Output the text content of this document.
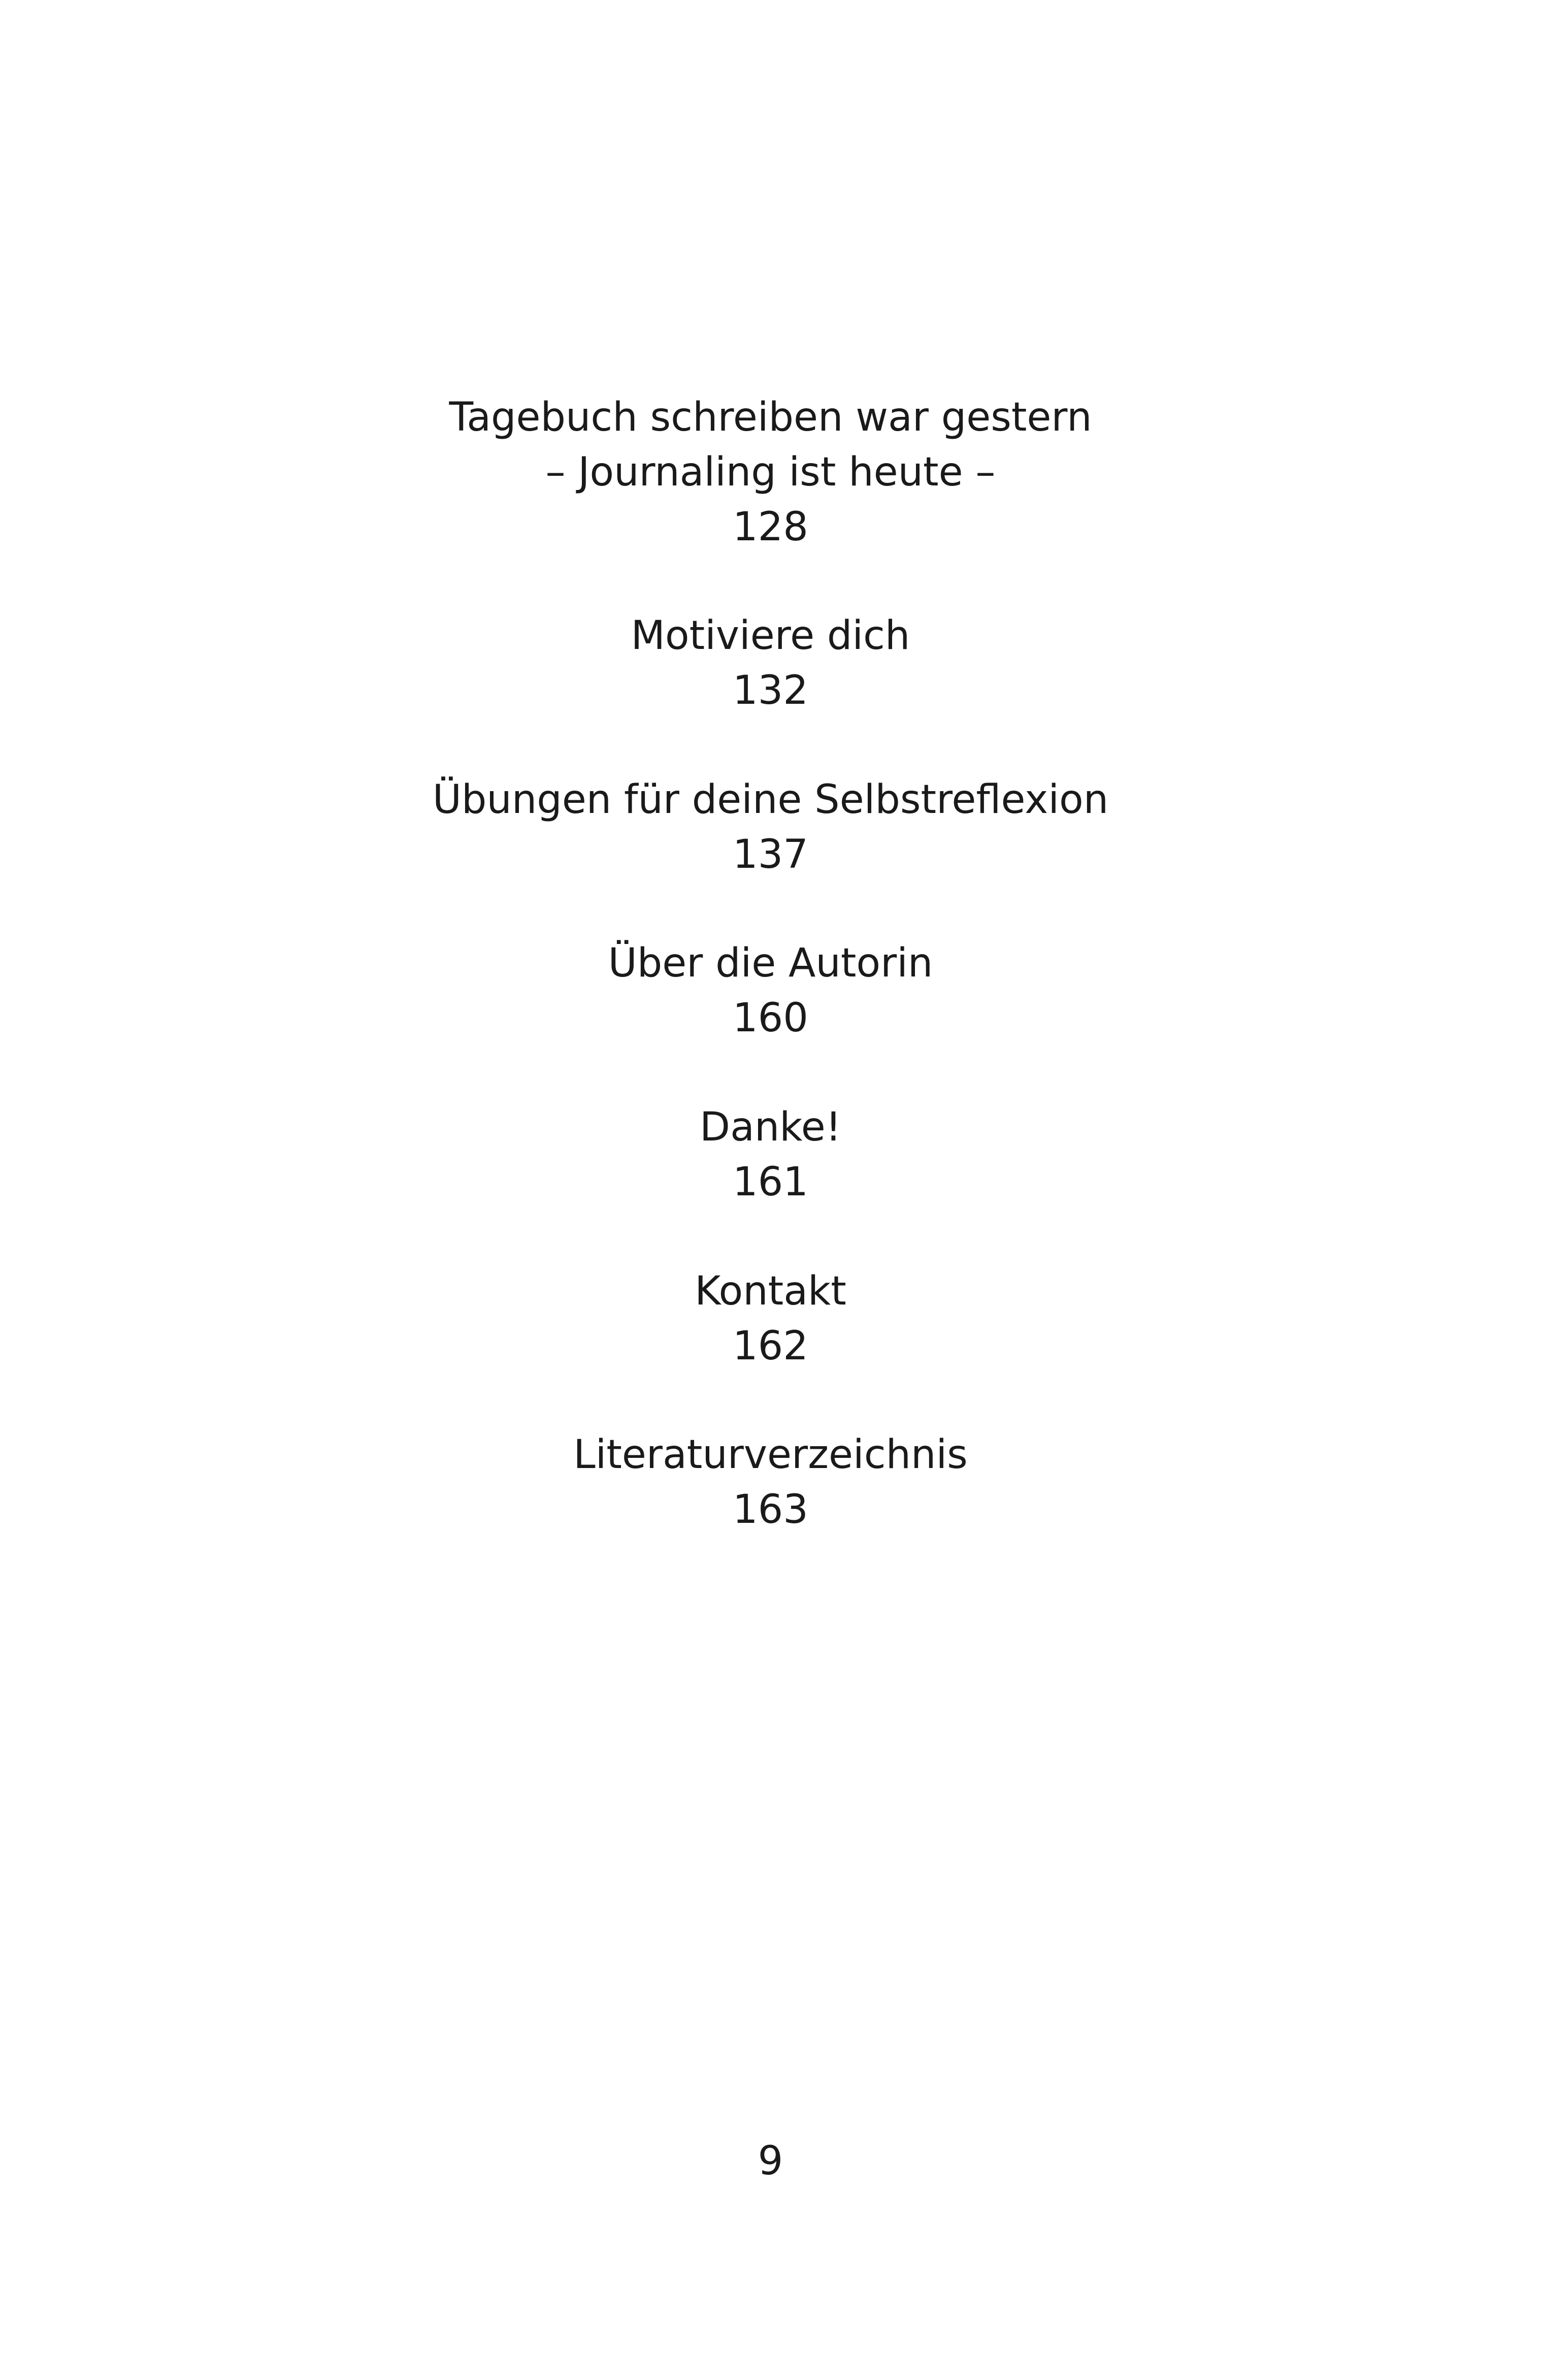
Tagebuch schreiben war gestern
– Journaling ist heute –
128
Motiviere dich
132
Übungen für deine Selbstreflexion
137
Über die Autorin
160
Danke!
161
Kontakt
162
Literaturverzeichnis
163
9
